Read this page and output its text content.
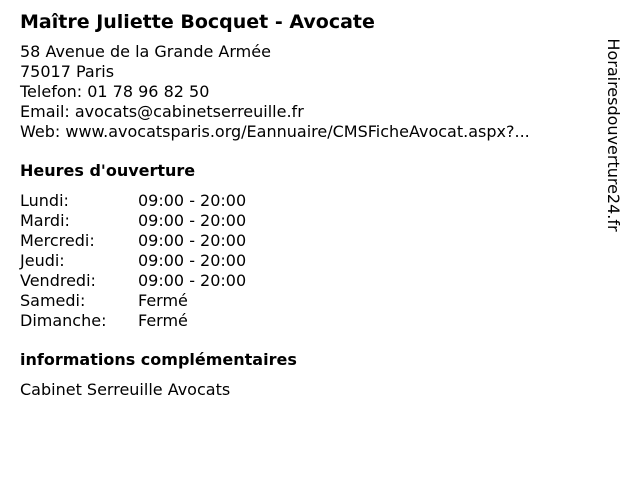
Maître Juliette Bocquet - Avocate
58 Avenue de la Grande Armée
75017 Paris
Telefon: 01 78 96 82 50
Email: avocats@cabinetserreuille.fr
Web: www.avocatsparis.org/Eannuaire/CMSFicheAvocat.aspx?...
Heures d'ouverture
Lundi:	09:00 - 20:00
Mardi:	09:00 - 20:00
Mercredi:	09:00 - 20:00
Jeudi:	09:00 - 20:00
Vendredi:	09:00 - 20:00
Samedi:	Fermé
Dimanche:	Fermé
informations complémentaires
Cabinet Serreuille Avocats
Horairesdouverture24.fr
